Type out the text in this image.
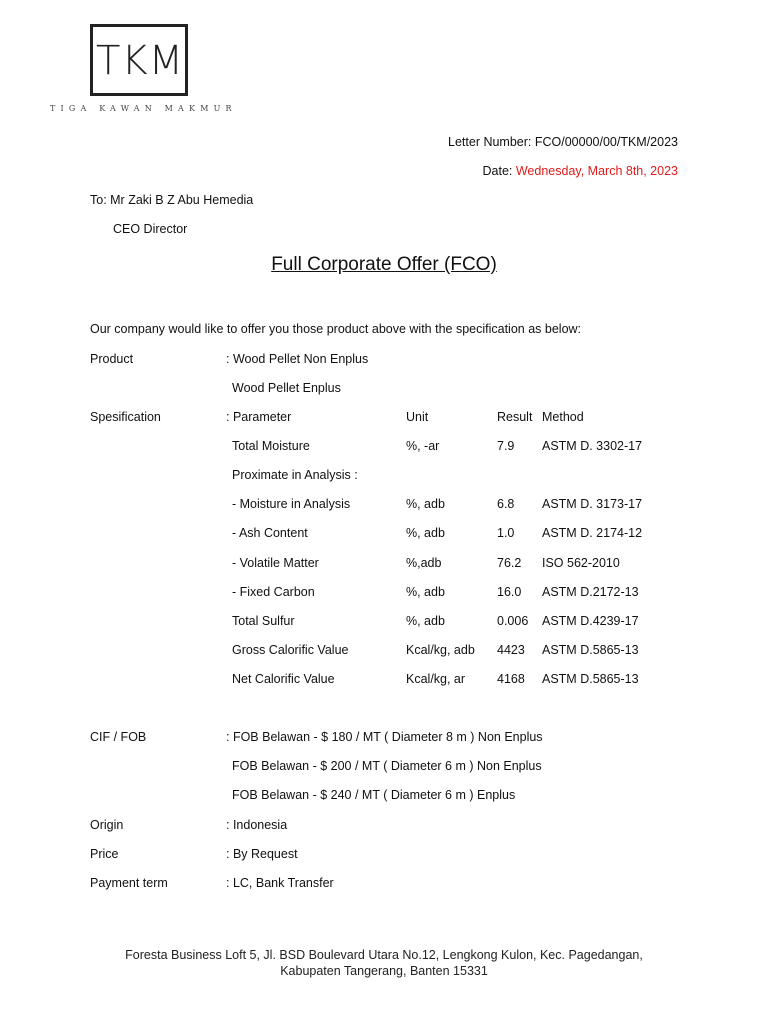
TKM
TIGA KAWAN MAKMUR
Letter Number: FCO/00000/00/TKM/2023
Date: Wednesday, March 8th, 2023
To: Mr Zaki B Z Abu Hemedia
CEO Director
Full Corporate Offer (FCO)
Our company would like to offer you those product above with the specification as below:
Product	: Wood Pellet Non Enplus
Wood Pellet Enplus
Spesification	: Parameter	Unit	Result Method
Total Moisture	%, -ar	7.9 ASTM D. 3302-17
Proximate in Analysis :
- Moisture in Analysis	%, adb	6.8 ASTM D. 3173-17
- Ash Content	%, adb	1.0 ASTM D. 2174-12
- Volatile Matter	%,adb	76.2 ISO 562-2010
- Fixed Carbon	%, adb	16.0 ASTM D.2172-13
Total Sulfur	%, adb	0.006 ASTM D.4239-17
Gross Calorific Value	Kcal/kg, adb 4423 ASTM D.5865-13
Net Calorific Value	Kcal/kg, ar	4168 ASTM D.5865-13
CIF / FOB	: FOB Belawan - $ 180 / MT ( Diameter 8 m ) Non Enplus
FOB Belawan - $ 200 / MT ( Diameter 6 m ) Non Enplus
FOB Belawan - $ 240 / MT ( Diameter 6 m ) Enplus
Origin	: Indonesia
Price	: By Request
Payment term	: LC, Bank Transfer
Foresta Business Loft 5, Jl. BSD Boulevard Utara No.12, Lengkong Kulon, Kec. Pagedangan,
Kabupaten Tangerang, Banten 15331
